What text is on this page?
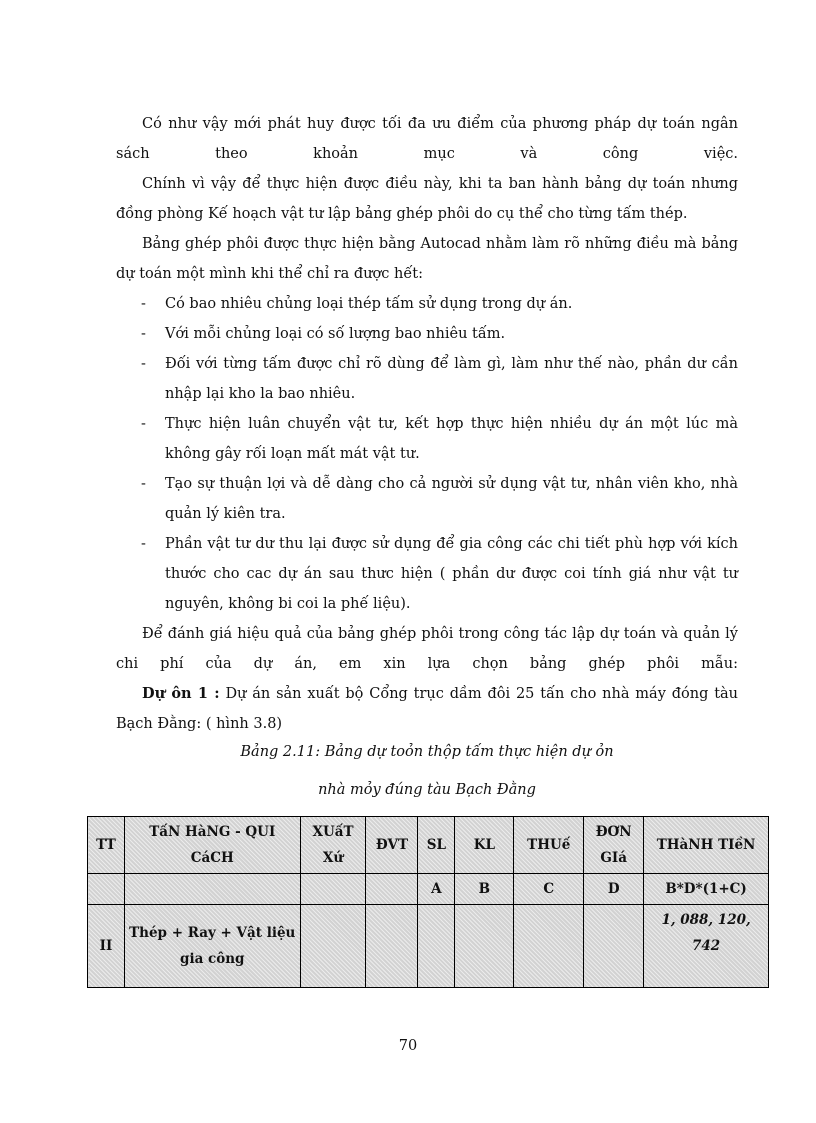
Có như vậy mới phát huy được tối đa ưu điểm của phương pháp dự toán ngân sách theo khoản mục và công việc.

Chính vì vậy để thực hiện được điều này, khi ta ban hành bảng dự toán nhưng đồng phòng Kế hoạch vật tư lập bảng ghép phôi do cụ thể cho từng tấm thép.

Bảng ghép phôi được thực hiện bằng Autocad nhằm làm rõ những điều mà bảng dự toán một mình khi thể chỉ ra được hết:

- Có bao nhiêu chủng loại thép tấm sử dụng trong dự án.
- Với mỗi chủng loại có số lượng bao nhiêu tấm.
- Đối với từng tấm được chỉ rõ dùng để làm gì, làm như thế nào, phần dư cần nhập lại kho la bao nhiêu.
- Thực hiện luân chuyển vật tư, kết hợp thực hiện nhiều dự án một lúc mà không gây rối loạn mất mát vật tư.
- Tạo sự thuận lợi và dễ dàng cho cả người sử dụng vật tư, nhân viên kho, nhà quản lý kiên tra.
- Phần vật tư dư thu lại được sử dụng để gia công các chi tiết phù hợp với kích thước cho cac dự án sau thưc hiện ( phần dư được coi tính giá như vật tư nguyên, không bi coi la phế liệu).

Để đánh giá hiệu quả của bảng ghép phôi trong công tác lập dự toán và quản lý chi phí của dự án, em xin lựa chọn bảng ghép phôi mẫu:

Dự ôn 1 : Dự án sản xuất bộ Cổng trục dầm đôi 25 tấn cho nhà máy đóng tàu Bạch Đằng: ( hình 3.8)

Bảng 2.11: Bảng dự toỏn thộp tấm thực hiện dự ỏn
nhà mỏy đúng tàu Bạch Đằng
TT	TấN HàNG - QUI CáCH	XUấT Xứ	ĐVT	SL	KL	THUế	ĐƠN GIá	THàNH TIềN
				A	B	C	D	B*D*(1+C)
II	Thép + Ray + Vật liệu gia công							1, 088, 120, 742
70
